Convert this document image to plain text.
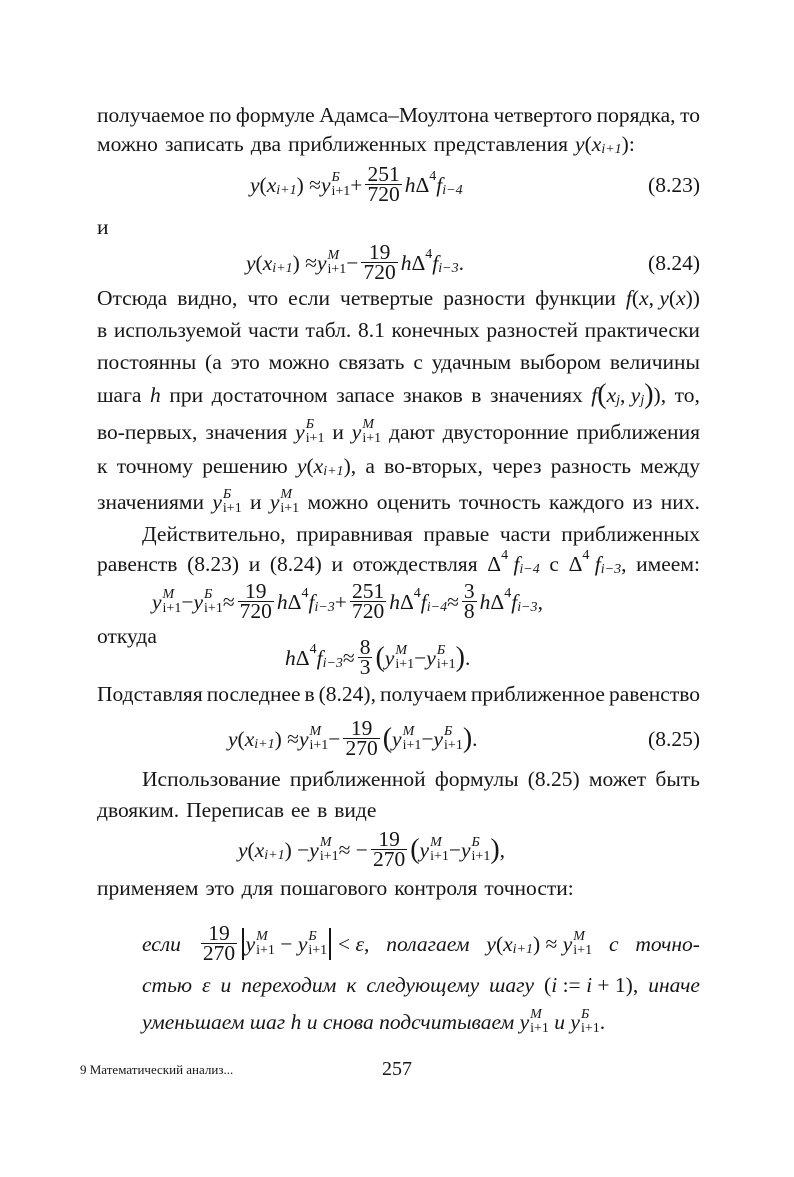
получаемое по формуле Адамса–Моултона четвертого порядка, то
можно записать два приближенных представления y ( x i+1 ):
y ( x i+1 ) ≈ y Б
$i+1 + \frac{251}{720}$ h Δ 4 f i−4	(8.23)
и
y ( x i+1 ) ≈ y M
$i+1 - \frac{19}{720}$ h Δ 4 f i−3 .	(8.24)
Отсюда видно, что если четвертые разности функции f ( x , y ( x ))
в используемой части табл. 8.1 конечных разностей практически
постоянны (а это можно связать с удачным выбором величины
шага h при достаточном запасе знаков в значениях f ( x j , y j ) ), то,
во-первых, значения y Б
i+1 и y M
i+1 дают двусторонние приближения
к точному решению y ( x i+1 ), а во-вторых, через разность между
значениями y Б
i+1 и y M
i+1 можно оценить точность каждого из них.
Действительно, приравнивая правые части приближенных
равенств (8.23) и (8.24) и отождествляя Δ 4
f i−4 с Δ 4
f i−3 , имеем:
y M
i+1 − y Б
$i+1 \approx \frac{19}{720}$ h Δ 4 f $i-3 + \frac{251}{720}$ h Δ 4 f $i-4 \approx \frac{3}{8}$ h Δ 4 f i−3 ,
откуда
h Δ 4 f $i-3 \approx \frac{8}{3}$ ( y M
i+1 − y Б
i+1 ) .
Подставляя последнее в (8.24), получаем приближенное равенство
y ( x i+1 ) ≈ y M
$i+1 - \frac{19}{270}$ ( y M
i+1 − y Б
i+1 ) .	(8.25)
Использование приближенной формулы (8.25) может быть
двояким. Переписав ее в виде
y ( x i+1 ) − y M
i+1 ≈ − $\frac{19}{270}$ ( y M
i+1 − y Б
i+1 ) ,
применяем это для пошагового контроля точности:
если $\frac{19}{270}$ y M
i+1 − y Б
i+1 < ε , полагаем y ( x i+1 ) ≈ y M
i+1 с точно-
стью ε и переходим к следующему шагу ( i := i + 1), иначе
уменьшаем шаг h и снова подсчитываем y M
i+1 и y Б
i+1 .
9 Математический анализ...	257
